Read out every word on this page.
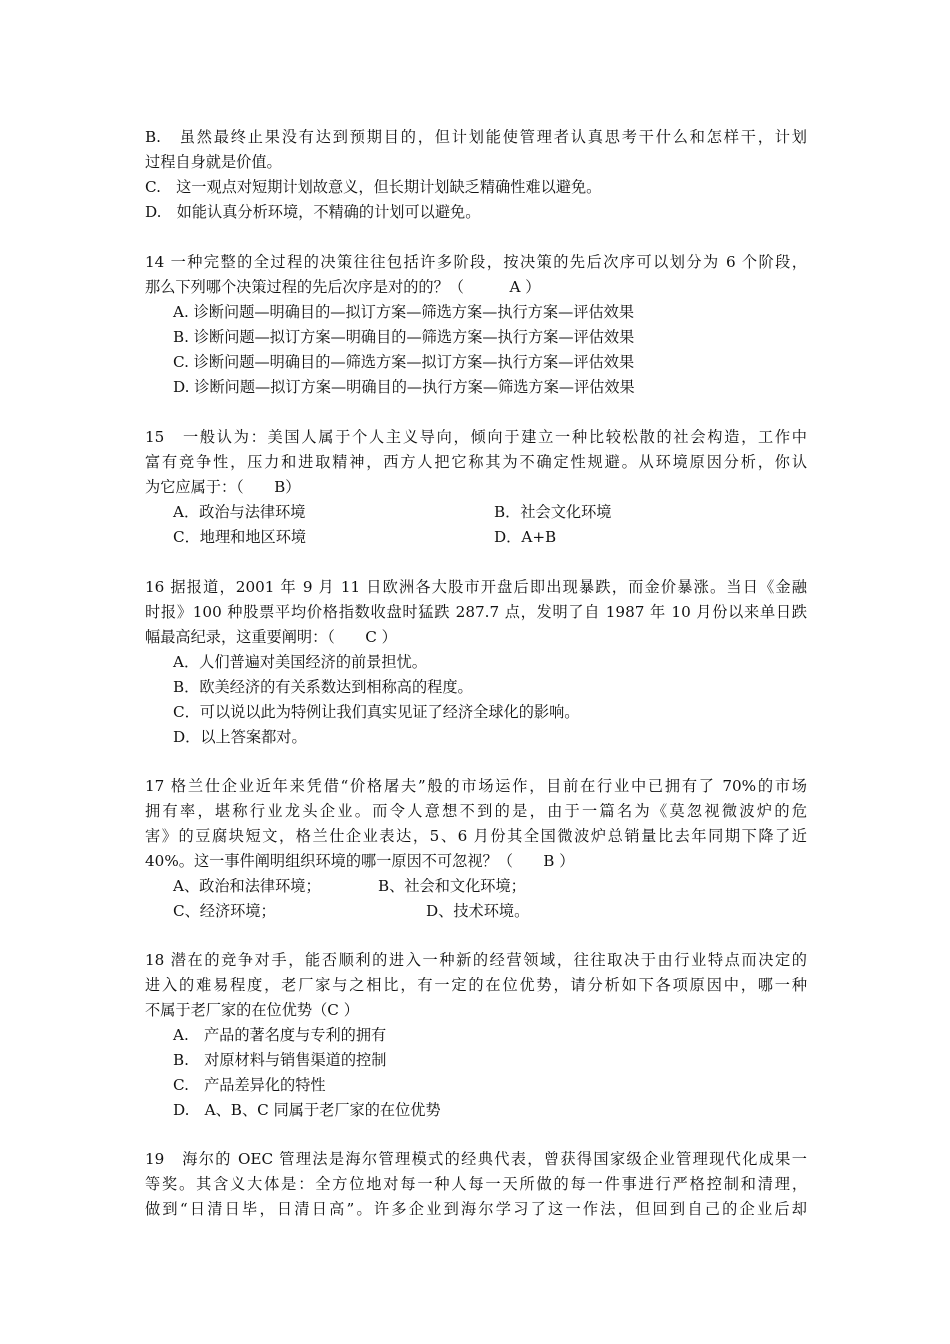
B.　虽然最终止果没有达到预期目的，但计划能使管理者认真思考干什么和怎样干，计划
过程自身就是价值。
C.　这一观点对短期计划故意义，但长期计划缺乏精确性难以避免。
D.　如能认真分析环境，不精确的计划可以避免。
14 一种完整的全过程的决策往往包括许多阶段，按决策的先后次序可以划分为 6 个阶段，
那么下列哪个决策过程的先后次序是对的的？（　　　A ）
A. 诊断问题—明确目的—拟订方案—筛选方案—执行方案—评估效果
B. 诊断问题—拟订方案—明确目的—筛选方案—执行方案—评估效果
C. 诊断问题—明确目的—筛选方案—拟订方案—执行方案—评估效果
D. 诊断问题—拟订方案—明确目的—执行方案—筛选方案—评估效果
15　一般认为：美国人属于个人主义导向，倾向于建立一种比较松散的社会构造，工作中
富有竞争性，压力和进取精神，西方人把它称其为不确定性规避。从环境原因分析，你认
为它应属于：（　　B）
A．政治与法律环境	B．社会文化环境
C．地理和地区环境	D．A+B
16 据报道，2001 年 9 月 11 日欧洲各大股市开盘后即出现暴跌，而金价暴涨。当日《金融
时报》100 种股票平均价格指数收盘时猛跌 287.7 点，发明了自 1987 年 10 月份以来单日跌
幅最高纪录，这重要阐明：（　　C ）
A．人们普遍对美国经济的前景担忧。
B．欧美经济的有关系数达到相称高的程度。
C．可以说以此为特例让我们真实见证了经济全球化的影响。
D．以上答案都对。
17 格兰仕企业近年来凭借“价格屠夫”般的市场运作，目前在行业中已拥有了 70%的市场
拥有率，堪称行业龙头企业。而令人意想不到的是，由于一篇名为《莫忽视微波炉的危
害》的豆腐块短文，格兰仕企业表达，5、6 月份其全国微波炉总销量比去年同期下降了近
40%。这一事件阐明组织环境的哪一原因不可忽视？（　　B ）
A、政治和法律环境；	B、社会和文化环境；
C、经济环境；	D、技术环境。
18 潜在的竞争对手，能否顺利的进入一种新的经营领域，往往取决于由行业特点而决定的
进入的难易程度，老厂家与之相比，有一定的在位优势，请分析如下各项原因中，哪一种
不属于老厂家的在位优势（C ）
A.　产品的著名度与专利的拥有
B.　对原材料与销售渠道的控制
C.　产品差异化的特性
D.　A、B、C 同属于老厂家的在位优势
19　海尔的 OEC 管理法是海尔管理模式的经典代表，曾获得国家级企业管理现代化成果一
等奖。其含义大体是：全方位地对每一种人每一天所做的每一件事进行严格控制和清理，
做到“日清日毕，日清日高”。许多企业到海尔学习了这一作法，但回到自己的企业后却
